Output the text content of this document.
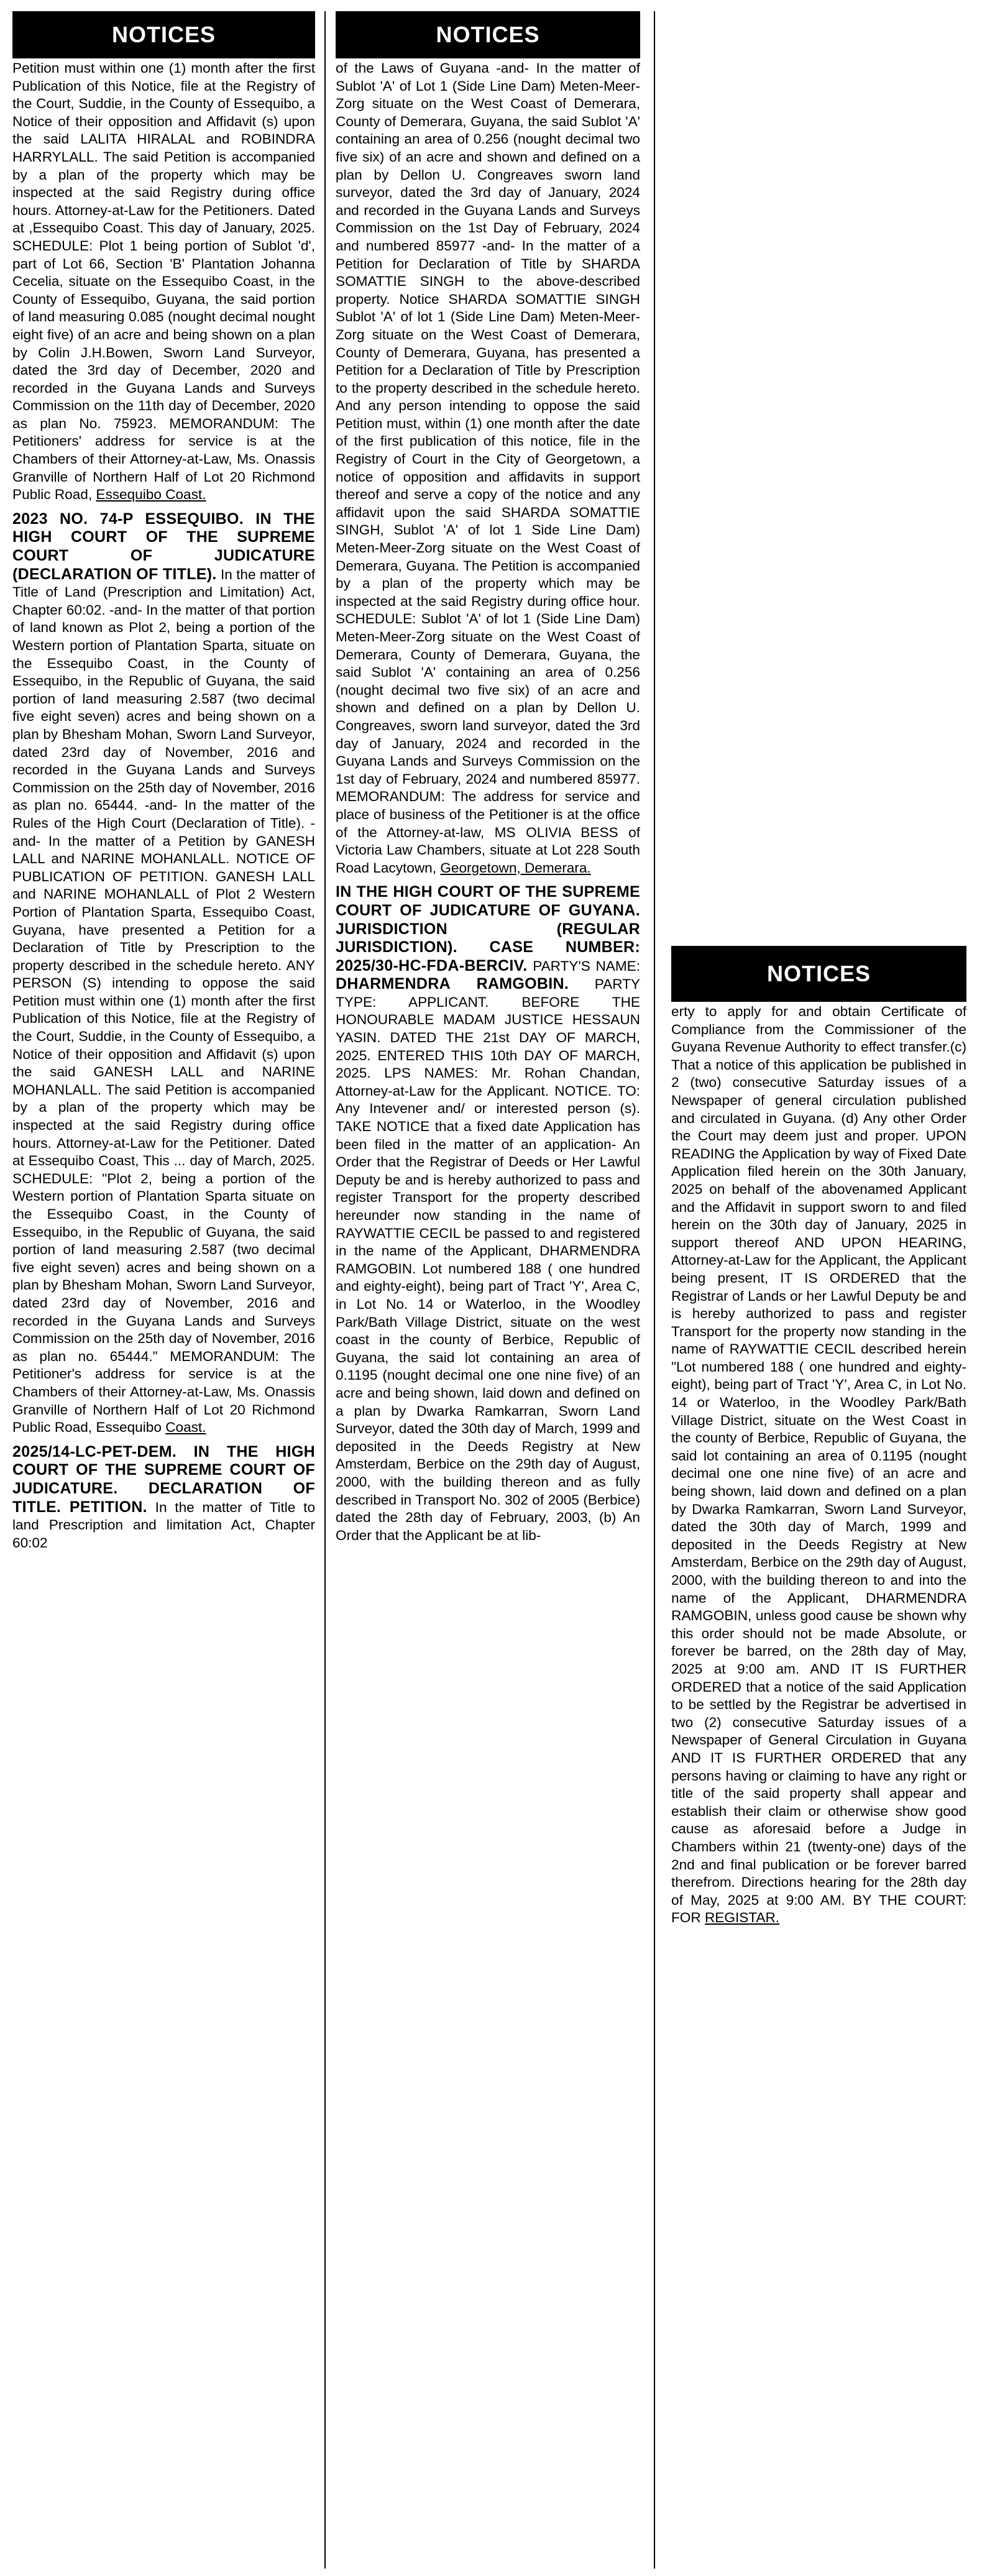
NOTICES

Petition must within one (1) month after the first Publication of this Notice, file at the Registry of the Court, Suddie, in the County of Essequibo, a Notice of their opposition and Affidavit (s) upon the said LALITA HIRALAL and ROBINDRA HARRYLALL. The said Petition is accompanied by a plan of the property which may be inspected at the said Registry during office hours. Attorney-at-Law for the Petitioners. Dated at ,Essequibo Coast. This day of January, 2025. SCHEDULE: Plot 1 being portion of Sublot 'd', part of Lot 66, Section 'B' Plantation Johanna Cecelia, situate on the Essequibo Coast, in the County of Essequibo, Guyana, the said portion of land measuring 0.085 (nought decimal nought eight five) of an acre and being shown on a plan by Colin J.H.Bowen, Sworn Land Surveyor, dated the 3rd day of December, 2020 and recorded in the Guyana Lands and Surveys Commission on the 11th day of December, 2020 as plan No. 75923. MEMORANDUM: The Petitioners' address for service is at the Chambers of their Attorney-at-Law, Ms. Onassis Granville of Northern Half of Lot 20 Richmond Public Road, Essequibo Coast.

2023 NO. 74-P ESSEQUIBO. IN THE HIGH COURT OF THE SUPREME COURT OF JUDICATURE (DECLARATION OF TITLE). In the matter of Title of Land (Prescription and Limitation) Act, Chapter 60:02. -and- In the matter of that portion of land known as Plot 2, being a portion of the Western portion of Plantation Sparta, situate on the Essequibo Coast, in the County of Essequibo, in the Republic of Guyana, the said portion of land measuring 2.587 (two decimal five eight seven) acres and being shown on a plan by Bhesham Mohan, Sworn Land Surveyor, dated 23rd day of November, 2016 and recorded in the Guyana Lands and Surveys Commission on the 25th day of November, 2016 as plan no. 65444. -and- In the matter of the Rules of the High Court (Declaration of Title). -and- In the matter of a Petition by GANESH LALL and NARINE MOHANLALL. NOTICE OF PUBLICATION OF PETITION. GANESH LALL and NARINE MOHANLALL of Plot 2 Western Portion of Plantation Sparta, Essequibo Coast, Guyana, have presented a Petition for a Declaration of Title by Prescription to the property described in the schedule hereto. ANY PERSON (S) intending to oppose the said Petition must within one (1) month after the first Publication of this Notice, file at the Registry of the Court, Suddie, in the County of Essequibo, a Notice of their opposition and Affidavit (s) upon the said GANESH LALL and NARINE MOHANLALL. The said Petition is accompanied by a plan of the property which may be inspected at the said Registry during office hours. Attorney-at-Law for the Petitioner. Dated at Essequibo Coast, This ... day of March, 2025. SCHEDULE: "Plot 2, being a portion of the Western portion of Plantation Sparta situate on the Essequibo Coast, in the County of Essequibo, in the Republic of Guyana, the said portion of land measuring 2.587 (two decimal five eight seven) acres and being shown on a plan by Bhesham Mohan, Sworn Land Surveyor, dated 23rd day of November, 2016 and recorded in the Guyana Lands and Surveys Commission on the 25th day of November, 2016 as plan no. 65444." MEMORANDUM: The Petitioner's address for service is at the Chambers of their Attorney-at-Law, Ms. Onassis Granville of Northern Half of Lot 20 Richmond Public Road, Essequibo Coast.

2025/14-LC-PET-DEM. IN THE HIGH COURT OF THE SUPREME COURT OF JUDICATURE. DECLARATION OF TITLE. PETITION. In the matter of Title to land Prescription and limitation Act, Chapter 60:02

NOTICES

of the Laws of Guyana -and- In the matter of Sublot 'A' of Lot 1 (Side Line Dam) Meten-Meer-Zorg situate on the West Coast of Demerara, County of Demerara, Guyana, the said Sublot 'A' containing an area of 0.256 (nought decimal two five six) of an acre and shown and defined on a plan by Dellon U. Congreaves sworn land surveyor, dated the 3rd day of January, 2024 and recorded in the Guyana Lands and Surveys Commission on the 1st Day of February, 2024 and numbered 85977 -and- In the matter of a Petition for Declaration of Title by SHARDA SOMATTIE SINGH to the above-described property. Notice SHARDA SOMATTIE SINGH Sublot 'A' of lot 1 (Side Line Dam) Meten-Meer-Zorg situate on the West Coast of Demerara, County of Demerara, Guyana, has presented a Petition for a Declaration of Title by Prescription to the property described in the schedule hereto. And any person intending to oppose the said Petition must, within (1) one month after the date of the first publication of this notice, file in the Registry of Court in the City of Georgetown, a notice of opposition and affidavits in support thereof and serve a copy of the notice and any affidavit upon the said SHARDA SOMATTIE SINGH, Sublot 'A' of lot 1 Side Line Dam) Meten-Meer-Zorg situate on the West Coast of Demerara, Guyana. The Petition is accompanied by a plan of the property which may be inspected at the said Registry during office hour. SCHEDULE: Sublot 'A' of lot 1 (Side Line Dam) Meten-Meer-Zorg situate on the West Coast of Demerara, County of Demerara, Guyana, the said Sublot 'A' containing an area of 0.256 (nought decimal two five six) of an acre and shown and defined on a plan by Dellon U. Congreaves, sworn land surveyor, dated the 3rd day of January, 2024 and recorded in the Guyana Lands and Surveys Commission on the 1st day of February, 2024 and numbered 85977. MEMORANDUM: The address for service and place of business of the Petitioner is at the office of the Attorney-at-law, MS OLIVIA BESS of Victoria Law Chambers, situate at Lot 228 South Road Lacytown, Georgetown, Demerara.

IN THE HIGH COURT OF THE SUPREME COURT OF JUDICATURE OF GUYANA. JURISDICTION (REGULAR JURISDICTION). CASE NUMBER: 2025/30-HC-FDA-BERCIV. PARTY'S NAME: DHARMENDRA RAMGOBIN. PARTY TYPE: APPLICANT. BEFORE THE HONOURABLE MADAM JUSTICE HESSAUN YASIN. DATED THE 21st DAY OF MARCH, 2025. ENTERED THIS 10th DAY OF MARCH, 2025. LPS NAMES: Mr. Rohan Chandan, Attorney-at-Law for the Applicant. NOTICE. TO: Any Intevener and/ or interested person (s). TAKE NOTICE that a fixed date Application has been filed in the matter of an application- An Order that the Registrar of Deeds or Her Lawful Deputy be and is hereby authorized to pass and register Transport for the property described hereunder now standing in the name of RAYWATTIE CECIL be passed to and registered in the name of the Applicant, DHARMENDRA RAMGOBIN. Lot numbered 188 ( one hundred and eighty-eight), being part of Tract 'Y', Area C, in Lot No. 14 or Waterloo, in the Woodley Park/Bath Village District, situate on the west coast in the county of Berbice, Republic of Guyana, the said lot containing an area of 0.1195 (nought decimal one one nine five) of an acre and being shown, laid down and defined on a plan by Dwarka Ramkarran, Sworn Land Surveyor, dated the 30th day of March, 1999 and deposited in the Deeds Registry at New Amsterdam, Berbice on the 29th day of August, 2000, with the building thereon and as fully described in Transport No. 302 of 2005 (Berbice) dated the 28th day of February, 2003, (b) An Order that the Applicant be at lib-

NOTICES

erty to apply for and obtain Certificate of Compliance from the Commissioner of the Guyana Revenue Authority to effect transfer.(c) That a notice of this application be published in 2 (two) consecutive Saturday issues of a Newspaper of general circulation published and circulated in Guyana. (d) Any other Order the Court may deem just and proper. UPON READING the Application by way of Fixed Date Application filed herein on the 30th January, 2025 on behalf of the abovenamed Applicant and the Affidavit in support sworn to and filed herein on the 30th day of January, 2025 in support thereof AND UPON HEARING, Attorney-at-Law for the Applicant, the Applicant being present, IT IS ORDERED that the Registrar of Lands or her Lawful Deputy be and is hereby authorized to pass and register Transport for the property now standing in the name of RAYWATTIE CECIL described herein "Lot numbered 188 ( one hundred and eighty-eight), being part of Tract 'Y', Area C, in Lot No. 14 or Waterloo, in the Woodley Park/Bath Village District, situate on the West Coast in the county of Berbice, Republic of Guyana, the said lot containing an area of 0.1195 (nought decimal one one nine five) of an acre and being shown, laid down and defined on a plan by Dwarka Ramkarran, Sworn Land Surveyor, dated the 30th day of March, 1999 and deposited in the Deeds Registry at New Amsterdam, Berbice on the 29th day of August, 2000, with the building thereon to and into the name of the Applicant, DHARMENDRA RAMGOBIN, unless good cause be shown why this order should not be made Absolute, or forever be barred, on the 28th day of May, 2025 at 9:00 am. AND IT IS FURTHER ORDERED that a notice of the said Application to be settled by the Registrar be advertised in two (2) consecutive Saturday issues of a Newspaper of General Circulation in Guyana AND IT IS FURTHER ORDERED that any persons having or claiming to have any right or title of the said property shall appear and establish their claim or otherwise show good cause as aforesaid before a Judge in Chambers within 21 (twenty-one) days of the 2nd and final publication or be forever barred therefrom. Directions hearing for the 28th day of May, 2025 at 9:00 AM. BY THE COURT: FOR REGISTAR.
